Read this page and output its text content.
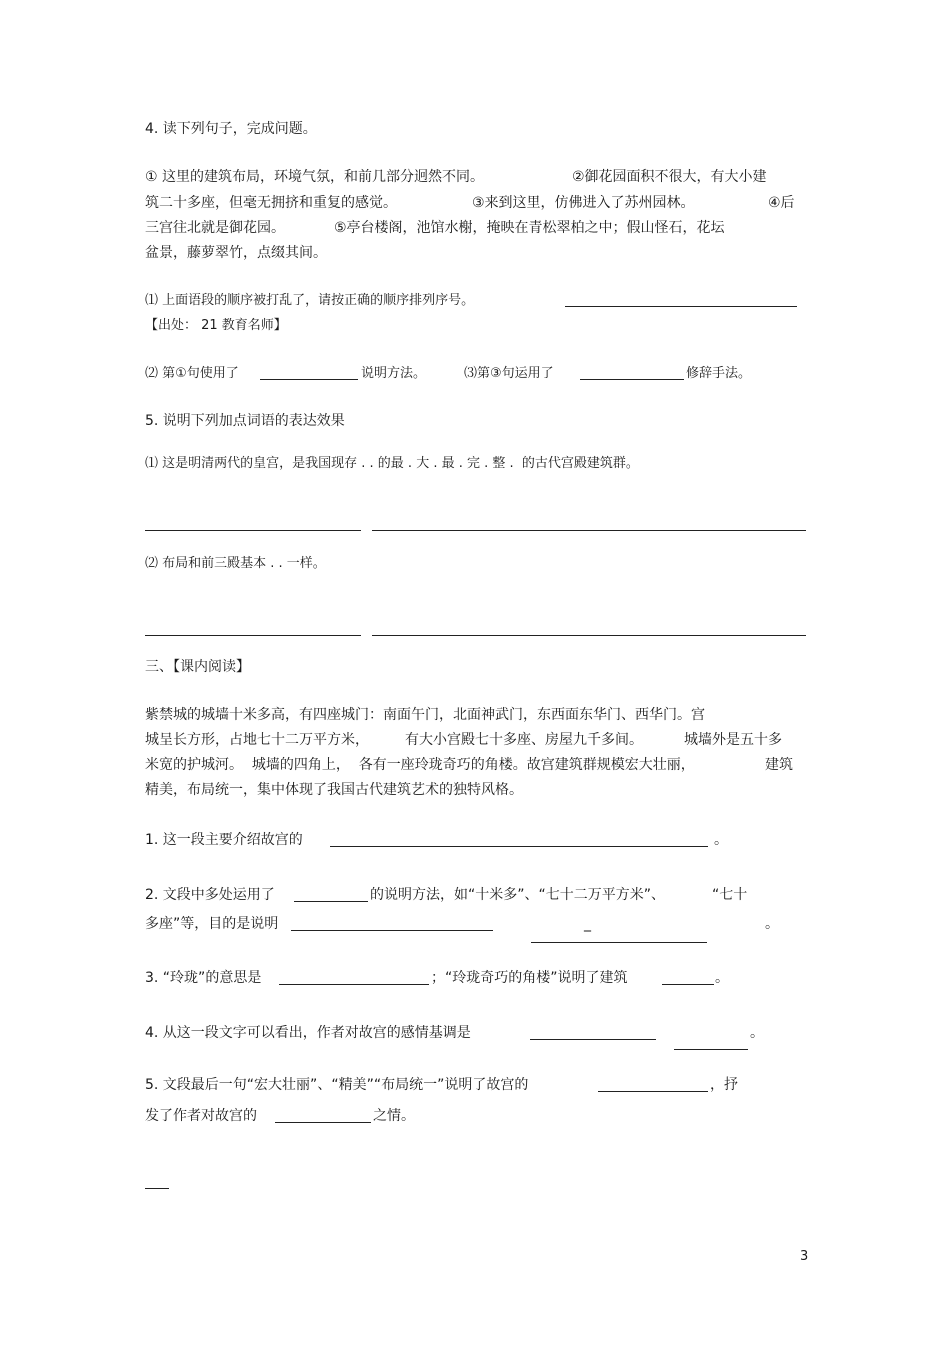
4. 读下列句子，完成问题。
① 这里的建筑布局，环境气氛，和前几部分迥然不同。	②御花园面积不很大，有大小建
筑二十多座，但毫无拥挤和重复的感觉。	③来到这里，仿佛进入了苏州园林。	④后
三宫往北就是御花园。	⑤亭台楼阁，池馆水榭，掩映在青松翠柏之中；假山怪石，花坛
盆景，藤萝翠竹，点缀其间。
⑴ 上面语段的顺序被打乱了，请按正确的顺序排列序号。
【出处： 21 教育名师】
⑵ 第①句使用了	说明方法。	⑶第③句运用了	修辞手法。
5. 说明下列加点词语的表达效果
⑴ 这是明清两代的皇宫，是我国现存 . . 的最 . 大 . 最 . 完 . 整 .  的古代宫殿建筑群。
⑵ 布局和前三殿基本 . . 一样。
三、【课内阅读】
紫禁城的城墙十米多高，有四座城门：南面午门，北面神武门，东西面东华门、西华门。宫
城呈长方形，占地七十二万平方米，	有大小宫殿七十多座、房屋九千多间。	城墙外是五十多
米宽的护城河。  城墙的四角上，  各有一座玲珑奇巧的角楼。故宫建筑群规模宏大壮丽，	建筑
精美，布局统一，集中体现了我国古代建筑艺术的独特风格。
1. 这一段主要介绍故宫的	。
2. 文段中多处运用了	的说明方法，如“十米多”、“七十二万平方米”、	“七十
多座”等，目的是说明	_	。
3. “玲珑”的意思是	；“玲珑奇巧的角楼”说明了建筑	。
4. 从这一段文字可以看出，作者对故宫的感情基调是	。
5. 文段最后一句“宏大壮丽”、“精美”“布局统一”说明了故宫的	，抒
发了作者对故宫的	之情。
3
